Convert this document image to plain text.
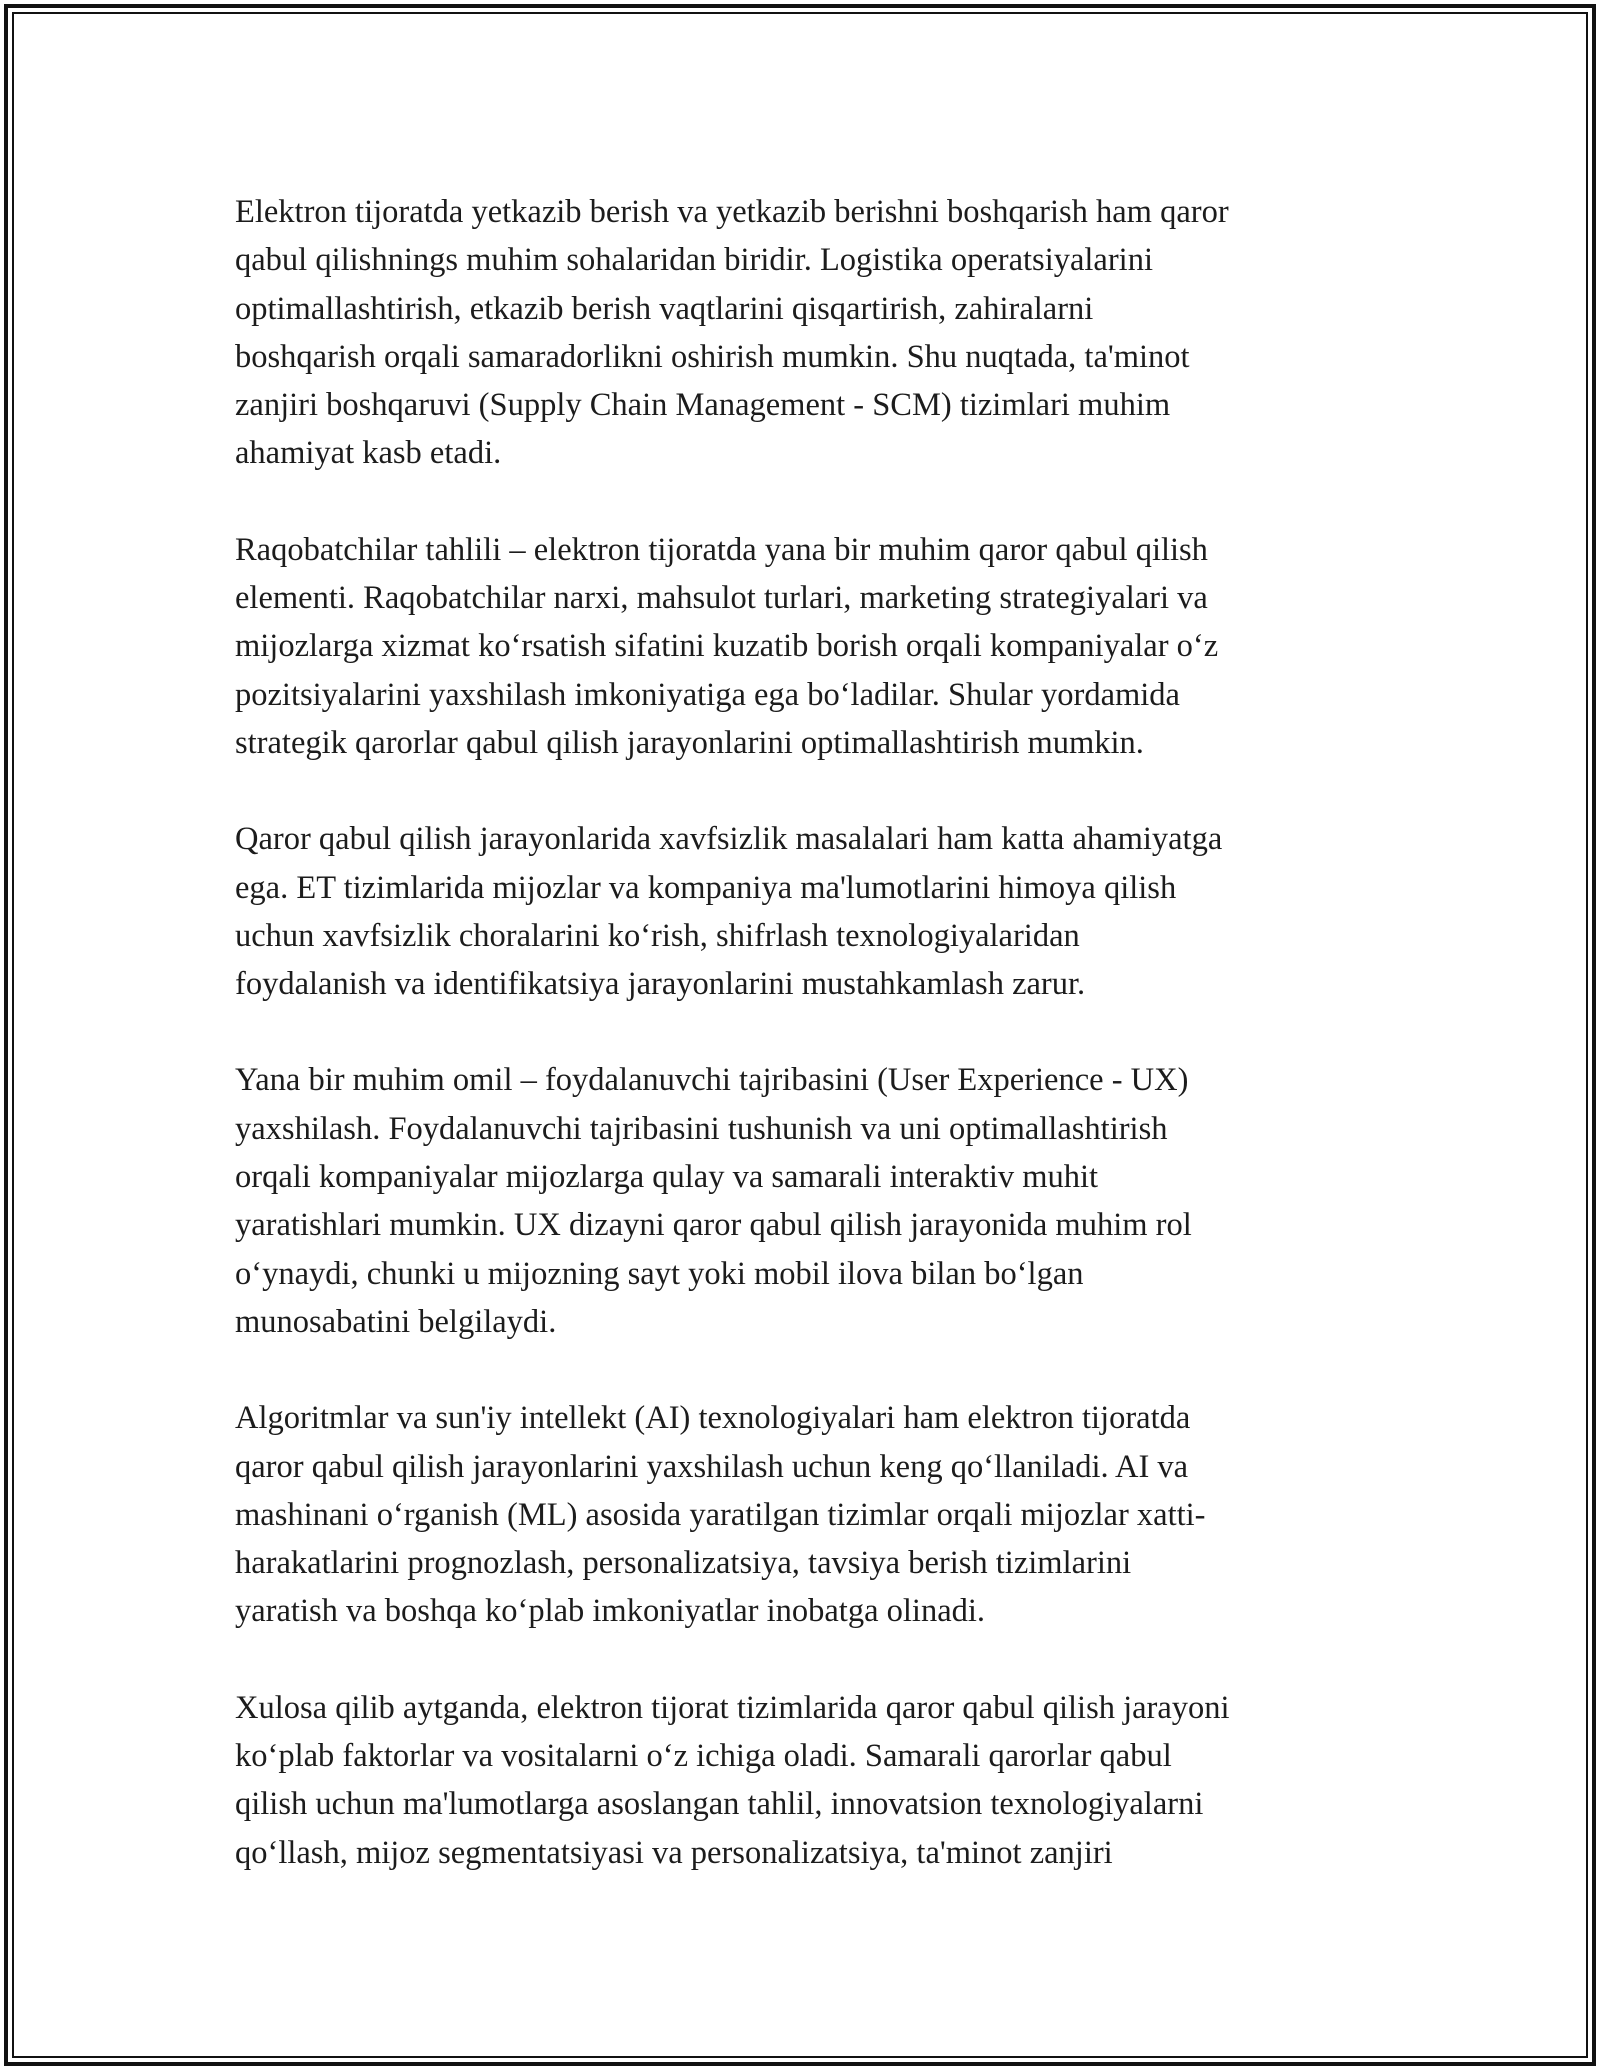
Elektron tijoratda yetkazib berish va yetkazib berishni boshqarish ham qaror
qabul qilishnings muhim sohalaridan biridir. Logistika operatsiyalarini
optimallashtirish, etkazib berish vaqtlarini qisqartirish, zahiralarni
boshqarish orqali samaradorlikni oshirish mumkin. Shu nuqtada, ta'minot
zanjiri boshqaruvi (Supply Chain Management - SCM) tizimlari muhim
ahamiyat kasb etadi.

Raqobatchilar tahlili – elektron tijoratda yana bir muhim qaror qabul qilish
elementi. Raqobatchilar narxi, mahsulot turlari, marketing strategiyalari va
mijozlarga xizmat koʻrsatish sifatini kuzatib borish orqali kompaniyalar oʻz
pozitsiyalarini yaxshilash imkoniyatiga ega boʻladilar. Shular yordamida
strategik qarorlar qabul qilish jarayonlarini optimallashtirish mumkin.

Qaror qabul qilish jarayonlarida xavfsizlik masalalari ham katta ahamiyatga
ega. ET tizimlarida mijozlar va kompaniya ma'lumotlarini himoya qilish
uchun xavfsizlik choralarini koʻrish, shifrlash texnologiyalaridan
foydalanish va identifikatsiya jarayonlarini mustahkamlash zarur.

Yana bir muhim omil – foydalanuvchi tajribasini (User Experience - UX)
yaxshilash. Foydalanuvchi tajribasini tushunish va uni optimallashtirish
orqali kompaniyalar mijozlarga qulay va samarali interaktiv muhit
yaratishlari mumkin. UX dizayni qaror qabul qilish jarayonida muhim rol
oʻynaydi, chunki u mijozning sayt yoki mobil ilova bilan boʻlgan
munosabatini belgilaydi.

Algoritmlar va sun'iy intellekt (AI) texnologiyalari ham elektron tijoratda
qaror qabul qilish jarayonlarini yaxshilash uchun keng qoʻllaniladi. AI va
mashinani oʻrganish (ML) asosida yaratilgan tizimlar orqali mijozlar xatti-
harakatlarini prognozlash, personalizatsiya, tavsiya berish tizimlarini
yaratish va boshqa koʻplab imkoniyatlar inobatga olinadi.

Xulosa qilib aytganda, elektron tijorat tizimlarida qaror qabul qilish jarayoni
koʻplab faktorlar va vositalarni oʻz ichiga oladi. Samarali qarorlar qabul
qilish uchun ma'lumotlarga asoslangan tahlil, innovatsion texnologiyalarni
qoʻllash, mijoz segmentatsiyasi va personalizatsiya, ta'minot zanjiri
